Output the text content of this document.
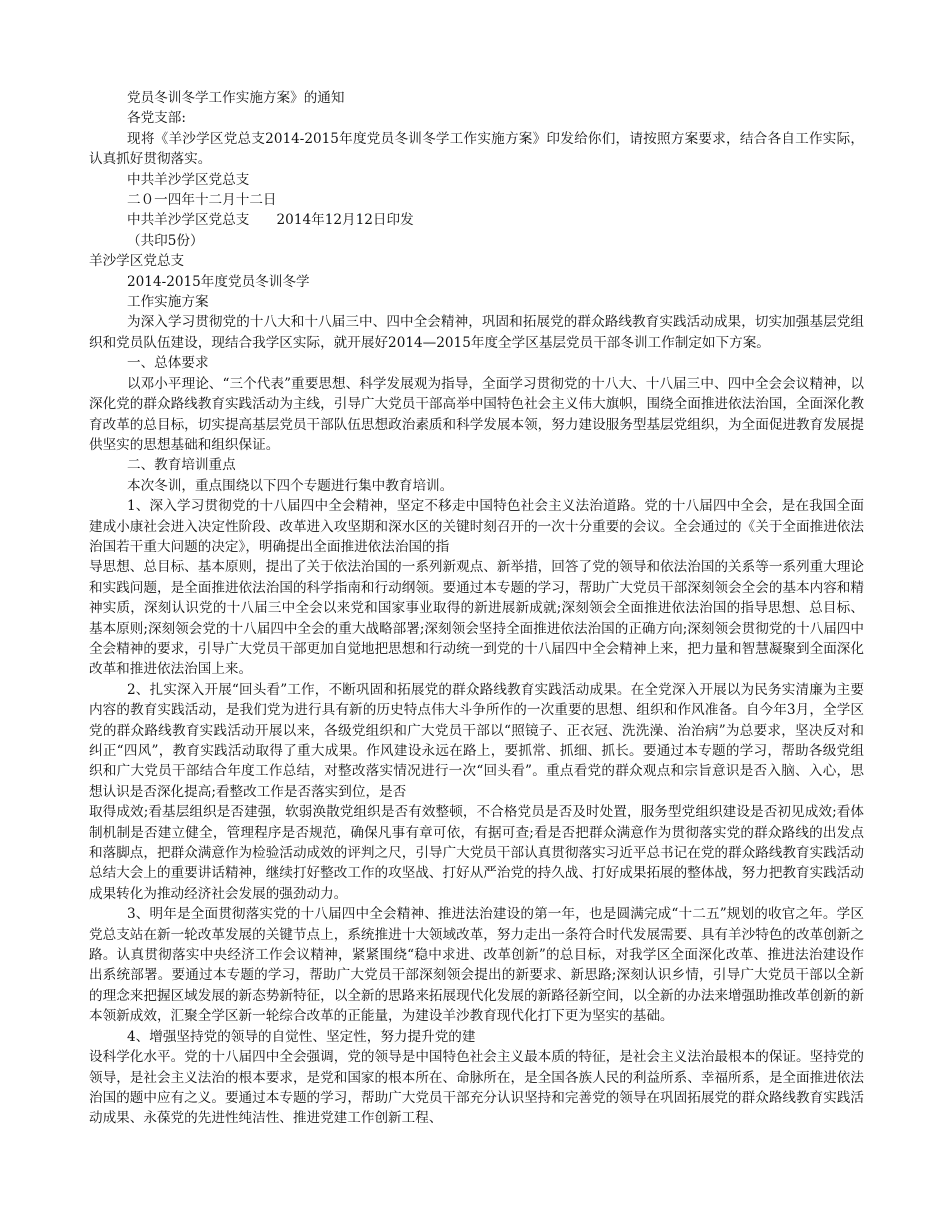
党员冬训冬学工作实施方案》的通知

各党支部:

现将《羊沙学区党总支2014-2015年度党员冬训冬学工作实施方案》印发给你们，请按照方案要求，结合各自工作实际，认真抓好贯彻落实。

中共羊沙学区党总支

二０一四年十二月十二日

中共羊沙学区党总支　　2014年12月12日印发

（共印5份）

羊沙学区党总支

2014-2015年度党员冬训冬学

工作实施方案

为深入学习贯彻党的十八大和十八届三中、四中全会精神，巩固和拓展党的群众路线教育实践活动成果，切实加强基层党组织和党员队伍建设，现结合我学区实际，就开展好2014—2015年度全学区基层党员干部冬训工作制定如下方案。

一、总体要求

以邓小平理论、“三个代表”重要思想、科学发展观为指导，全面学习贯彻党的十八大、十八届三中、四中全会会议精神，以深化党的群众路线教育实践活动为主线，引导广大党员干部高举中国特色社会主义伟大旗帜，围绕全面推进依法治国，全面深化教育改革的总目标，切实提高基层党员干部队伍思想政治素质和科学发展本领，努力建设服务型基层党组织，为全面促进教育发展提供坚实的思想基础和组织保证。

二、教育培训重点

本次冬训，重点围绕以下四个专题进行集中教育培训。

1、深入学习贯彻党的十八届四中全会精神，坚定不移走中国特色社会主义法治道路。党的十八届四中全会，是在我国全面建成小康社会进入决定性阶段、改革进入攻坚期和深水区的关键时刻召开的一次十分重要的会议。全会通过的《关于全面推进依法治国若干重大问题的决定》，明确提出全面推进依法治国的指

导思想、总目标、基本原则，提出了关于依法治国的一系列新观点、新举措，回答了党的领导和依法治国的关系等一系列重大理论和实践问题，是全面推进依法治国的科学指南和行动纲领。要通过本专题的学习，帮助广大党员干部深刻领会全会的基本内容和精神实质，深刻认识党的十八届三中全会以来党和国家事业取得的新进展新成就;深刻领会全面推进依法治国的指导思想、总目标、基本原则;深刻领会党的十八届四中全会的重大战略部署;深刻领会坚持全面推进依法治国的正确方向;深刻领会贯彻党的十八届四中全会精神的要求，引导广大党员干部更加自觉地把思想和行动统一到党的十八届四中全会精神上来，把力量和智慧凝聚到全面深化改革和推进依法治国上来。

2、扎实深入开展“回头看”工作，不断巩固和拓展党的群众路线教育实践活动成果。在全党深入开展以为民务实清廉为主要内容的教育实践活动，是我们党为进行具有新的历史特点伟大斗争所作的一次重要的思想、组织和作风准备。自今年3月，全学区党的群众路线教育实践活动开展以来，各级党组织和广大党员干部以“照镜子、正衣冠、洗洗澡、治治病”为总要求，坚决反对和纠正“四风”，教育实践活动取得了重大成果。作风建设永远在路上，要抓常、抓细、抓长。要通过本专题的学习，帮助各级党组织和广大党员干部结合年度工作总结，对整改落实情况进行一次“回头看”。重点看党的群众观点和宗旨意识是否入脑、入心，思想认识是否深化提高;看整改工作是否落实到位，是否

取得成效;看基层组织是否建强，软弱涣散党组织是否有效整顿，不合格党员是否及时处置，服务型党组织建设是否初见成效;看体制机制是否建立健全，管理程序是否规范，确保凡事有章可依，有据可查;看是否把群众满意作为贯彻落实党的群众路线的出发点和落脚点，把群众满意作为检验活动成效的评判之尺，引导广大党员干部认真贯彻落实习近平总书记在党的群众路线教育实践活动总结大会上的重要讲话精神，继续打好整改工作的攻坚战、打好从严治党的持久战、打好成果拓展的整体战，努力把教育实践活动成果转化为推动经济社会发展的强劲动力。

3、明年是全面贯彻落实党的十八届四中全会精神、推进法治建设的第一年，也是圆满完成“十二五”规划的收官之年。学区党总支站在新一轮改革发展的关键节点上，系统推进十大领域改革，努力走出一条符合时代发展需要、具有羊沙特色的改革创新之路。认真贯彻落实中央经济工作会议精神，紧紧围绕“稳中求进、改革创新”的总目标，对我学区全面深化改革、推进法治建设作出系统部署。要通过本专题的学习，帮助广大党员干部深刻领会提出的新要求、新思路;深刻认识乡情，引导广大党员干部以全新的理念来把握区域发展的新态势新特征，以全新的思路来拓展现代化发展的新路径新空间，以全新的办法来增强助推改革创新的新本领新成效，汇聚全学区新一轮综合改革的正能量，为建设羊沙教育现代化打下更为坚实的基础。

4、增强坚持党的领导的自觉性、坚定性，努力提升党的建

设科学化水平。党的十八届四中全会强调，党的领导是中国特色社会主义最本质的特征，是社会主义法治最根本的保证。坚持党的领导，是社会主义法治的根本要求，是党和国家的根本所在、命脉所在，是全国各族人民的利益所系、幸福所系，是全面推进依法治国的题中应有之义。要通过本专题的学习，帮助广大党员干部充分认识坚持和完善党的领导在巩固拓展党的群众路线教育实践活动成果、永葆党的先进性纯洁性、推进党建工作创新工程、
